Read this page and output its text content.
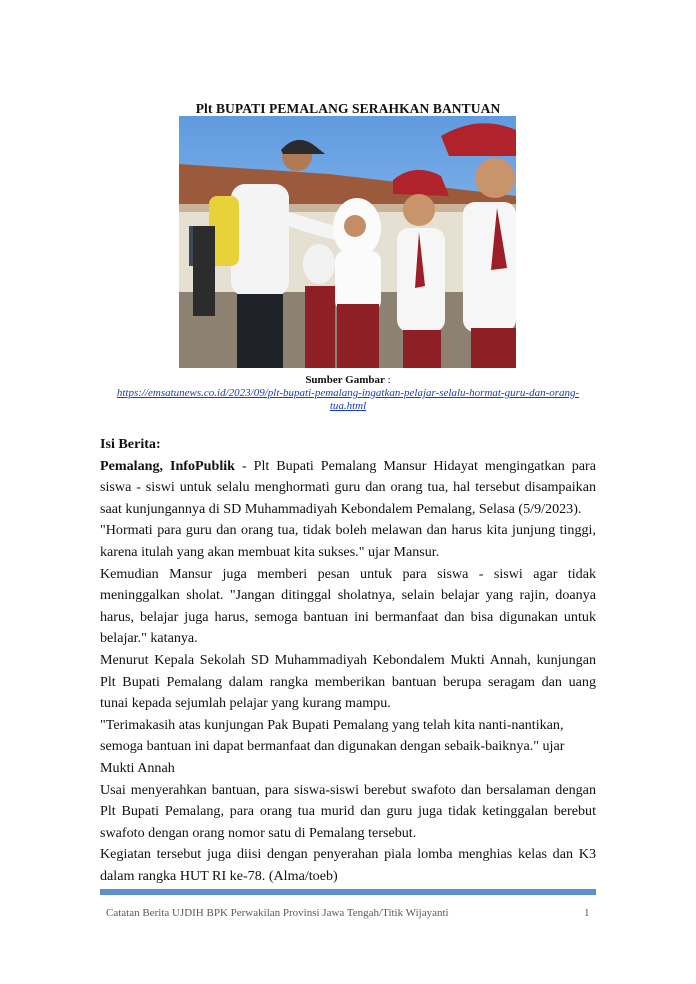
Plt BUPATI PEMALANG SERAHKAN BANTUAN
Sumber Gambar :
https://emsatunews.co.id/2023/09/plt-bupati-pemalang-ingatkan-pelajar-selalu-hormat-guru-dan-orang-tua.html

Isi Berita:

Pemalang, InfoPublik - Plt Bupati Pemalang Mansur Hidayat mengingatkan para siswa - siswi untuk selalu menghormati guru dan orang tua, hal tersebut disampaikan saat kunjungannya di SD Muhammadiyah Kebondalem Pemalang, Selasa (5/9/2023).

"Hormati para guru dan orang tua, tidak boleh melawan dan harus kita junjung tinggi, karena itulah yang akan membuat kita sukses." ujar Mansur.

Kemudian Mansur juga memberi pesan untuk para siswa - siswi agar tidak meninggalkan sholat. "Jangan ditinggal sholatnya, selain belajar yang rajin, doanya harus, belajar juga harus, semoga bantuan ini bermanfaat dan bisa digunakan untuk belajar." katanya.

Menurut Kepala Sekolah SD Muhammadiyah Kebondalem Mukti Annah, kunjungan Plt Bupati Pemalang dalam rangka memberikan bantuan berupa seragam dan uang tunai kepada sejumlah pelajar yang kurang mampu.

"Terimakasih atas kunjungan Pak Bupati Pemalang yang telah kita nanti-nantikan, semoga bantuan ini dapat bermanfaat dan digunakan dengan sebaik-baiknya." ujar Mukti Annah

Usai menyerahkan bantuan, para siswa-siswi berebut swafoto dan bersalaman dengan Plt Bupati Pemalang, para orang tua murid dan guru juga tidak ketinggalan berebut swafoto dengan orang nomor satu di Pemalang tersebut.

Kegiatan tersebut juga diisi dengan penyerahan piala lomba menghias kelas dan K3 dalam rangka HUT RI ke-78. (Alma/toeb)

Catatan Berita UJDIH BPK Perwakilan Provinsi Jawa Tengah/Titik Wijayanti	1
